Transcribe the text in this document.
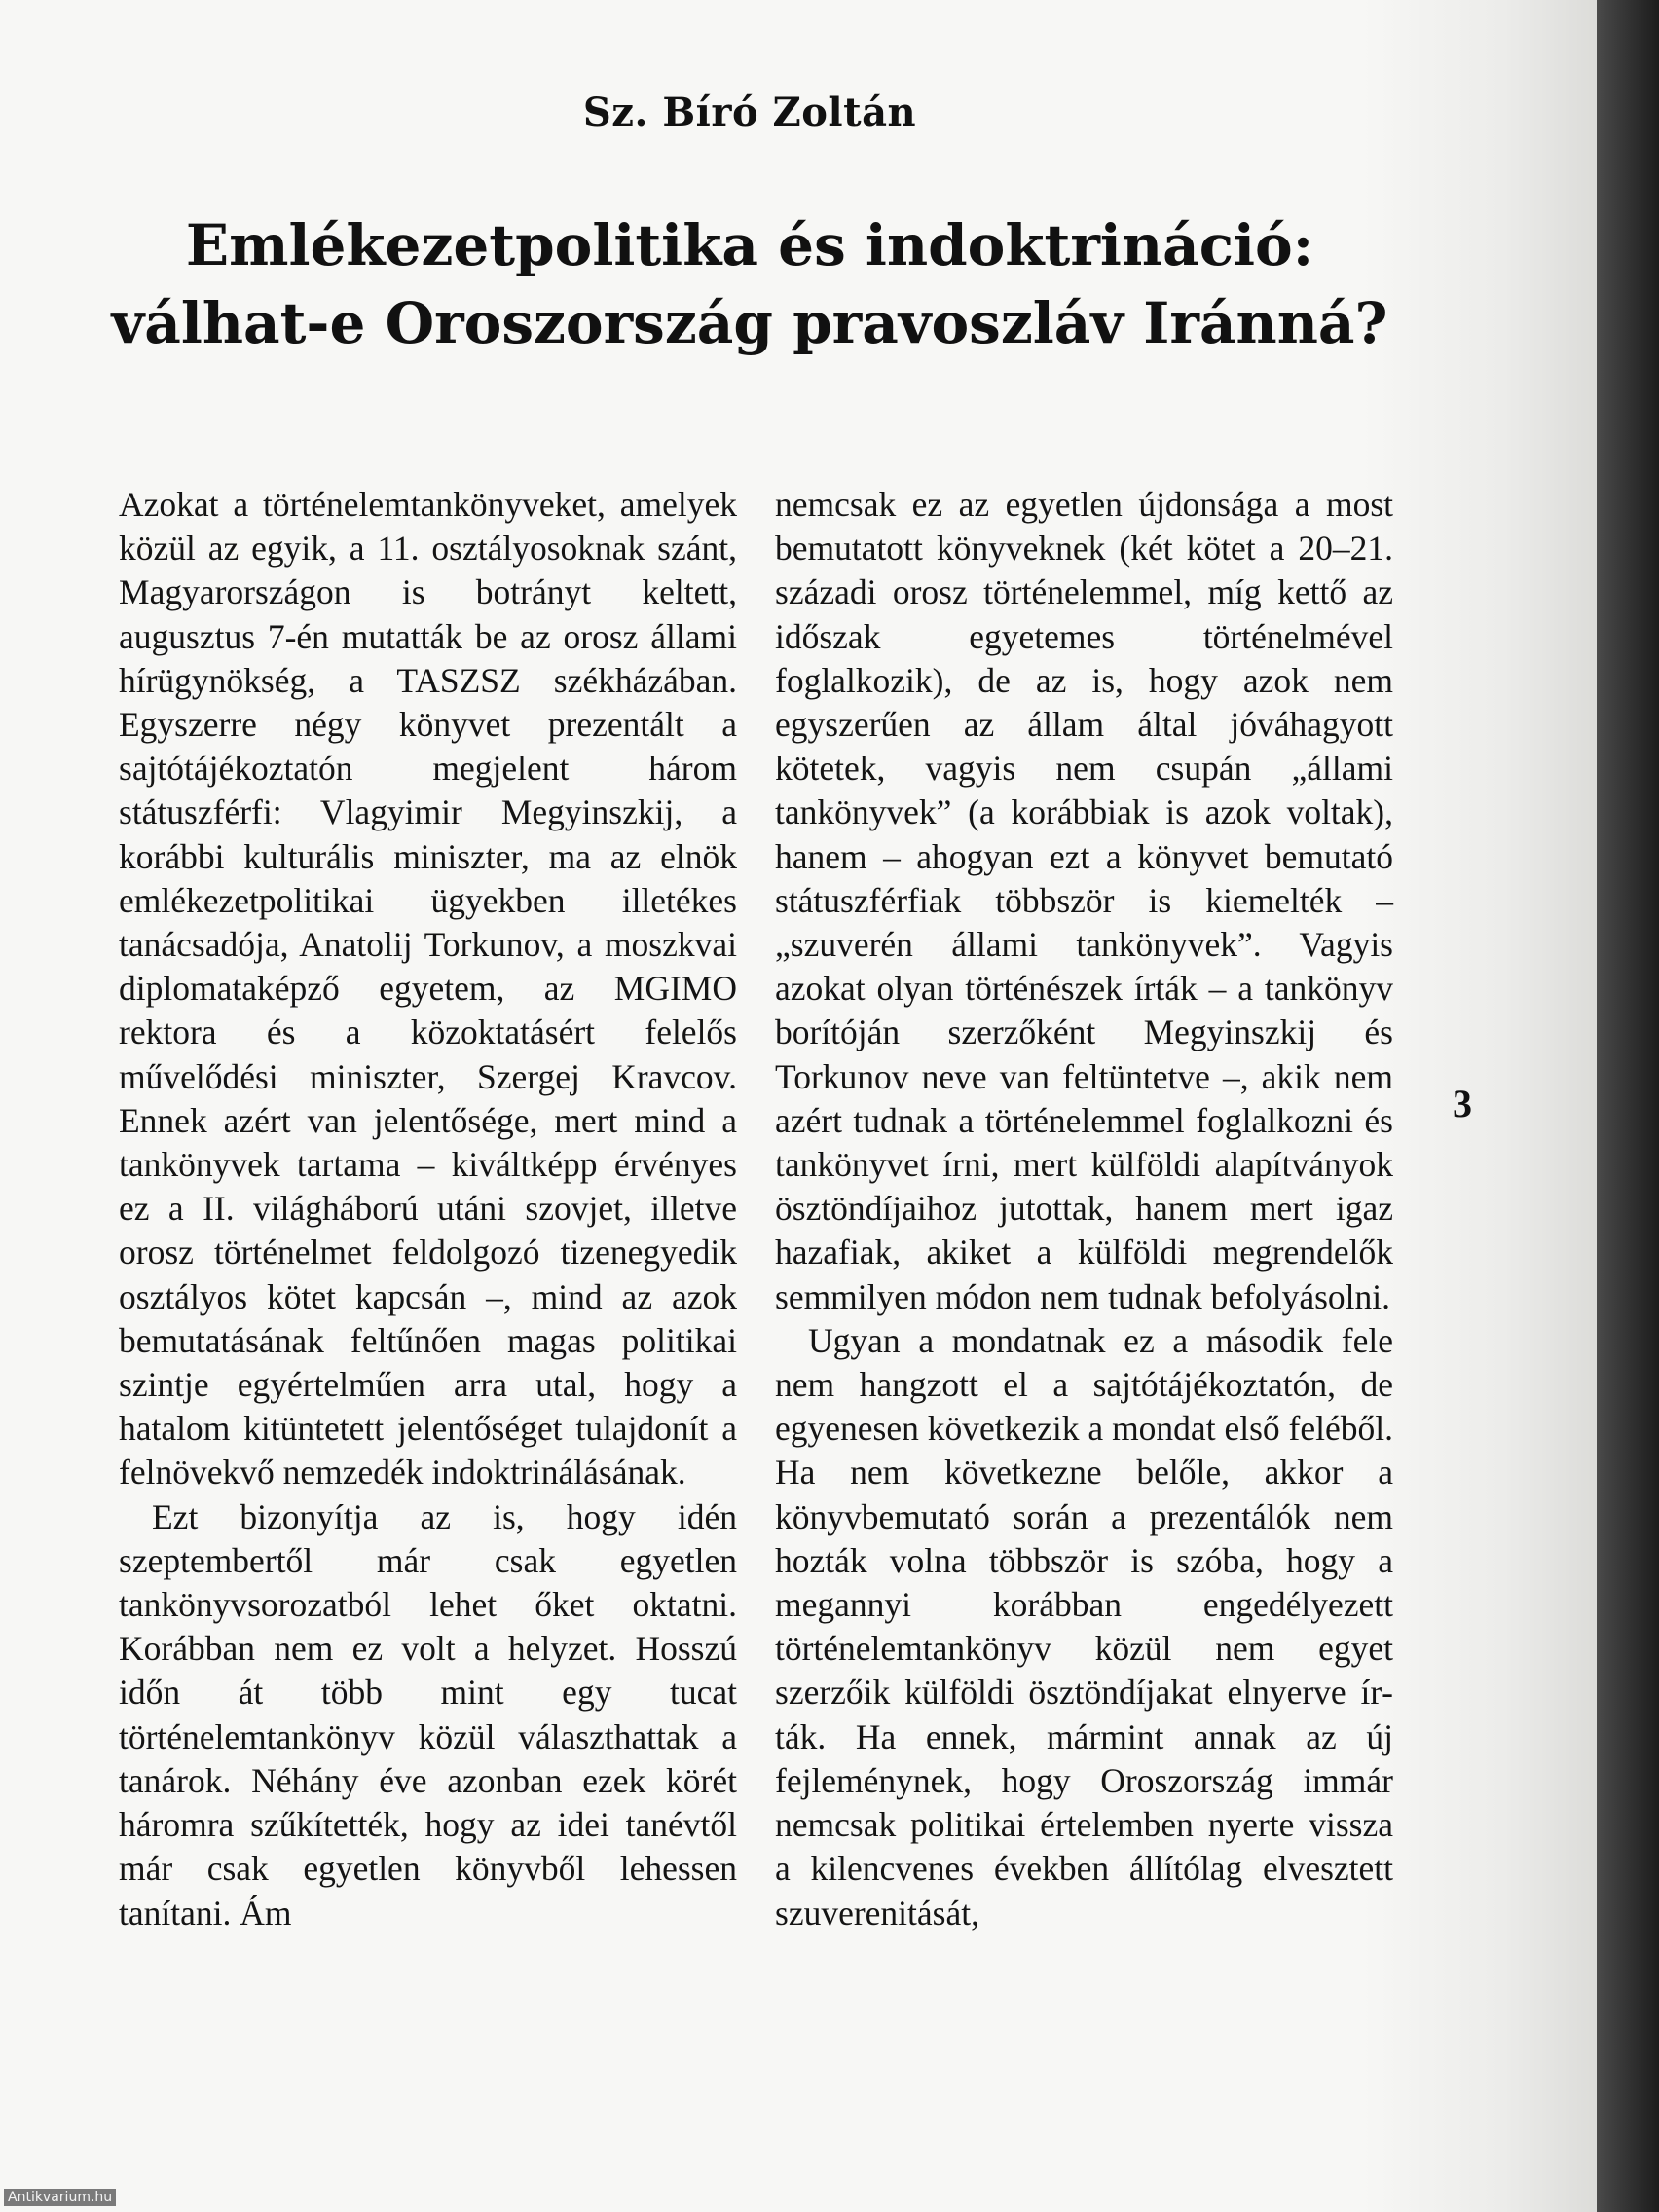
Sz. Bíró Zoltán
Emlékezetpolitika és indoktrináció: válhat-e Oroszország pravoszláv Iránná?

Azokat a történelemtankönyveket, amelyek közül az egyik, a 11. osztályosoknak szánt, Magyarországon is botrányt keltett, augusztus 7-én mutatták be az orosz állami hírügynökség, a TASZSZ székházában. Egyszerre négy könyvet prezentált a sajtótájékoztatón megjelent három státuszférfi: Vlagyimir Megyinszkij, a korábbi kulturális miniszter, ma az elnök emlékezetpolitikai ügyekben illetékes tanácsadója, Anatolij Torkunov, a moszkvai diplomataképző egyetem, az MGIMO rektora és a közoktatásért felelős művelődési miniszter, Szergej Kravcov. Ennek azért van jelentősége, mert mind a tankönyvek tartama – kiváltképp érvényes ez a II. világháború utáni szovjet, illetve orosz történelmet feldolgozó tizenegyedik osztályos kötet kapcsán –, mind az azok bemutatásának feltűnően magas politikai szintje egyértelműen arra utal, hogy a hatalom kitüntetett jelentőséget tulajdonít a felnövekvő nemzedék indoktrinálásának.

Ezt bizonyítja az is, hogy idén szeptembertől már csak egyetlen tankönyvsorozatból lehet őket oktatni. Korábban nem ez volt a helyzet. Hosszú időn át több mint egy tucat történelemtankönyv közül választhattak a tanárok. Néhány éve azonban ezek körét háromra szűkítették, hogy az idei tanévtől már csak egyetlen könyvből lehessen tanítani. Ám

nemcsak ez az egyetlen újdonsága a most bemutatott könyveknek (két kötet a 20–21. századi orosz történelemmel, míg kettő az időszak egyetemes történelmével foglalkozik), de az is, hogy azok nem egyszerűen az állam által jóváhagyott kötetek, vagyis nem csupán „állami tankönyvek” (a korábbiak is azok voltak), hanem – ahogyan ezt a könyvet bemutató státuszférfiak többször is kiemelték – „szuverén állami tankönyvek”. Vagyis azokat olyan történészek írták – a tankönyv borítóján szerzőként Megyinszkij és Torkunov neve van feltüntetve –, akik nem azért tudnak a történelemmel foglalkozni és tankönyvet írni, mert külföldi alapítványok ösztöndíjaihoz jutottak, hanem mert igaz hazafiak, akiket a külföldi megrendelők semmilyen módon nem tudnak befolyásolni.

Ugyan a mondatnak ez a második fele nem hangzott el a sajtótájékoztatón, de egyenesen következik a mondat első feléből. Ha nem következne belőle, akkor a könyvbemutató során a prezentálók nem hozták volna többször is szóba, hogy a megannyi korábban engedélyezett történelemtankönyv közül nem egyet szerzőik külföldi ösztöndíjakat elnyerve írták. Ha ennek, mármint annak az új fejleménynek, hogy Oroszország immár nemcsak politikai értelemben nyerte vissza a kilencvenes években állítólag elvesztett szuverenitását,

3
Antikvarium.hu
